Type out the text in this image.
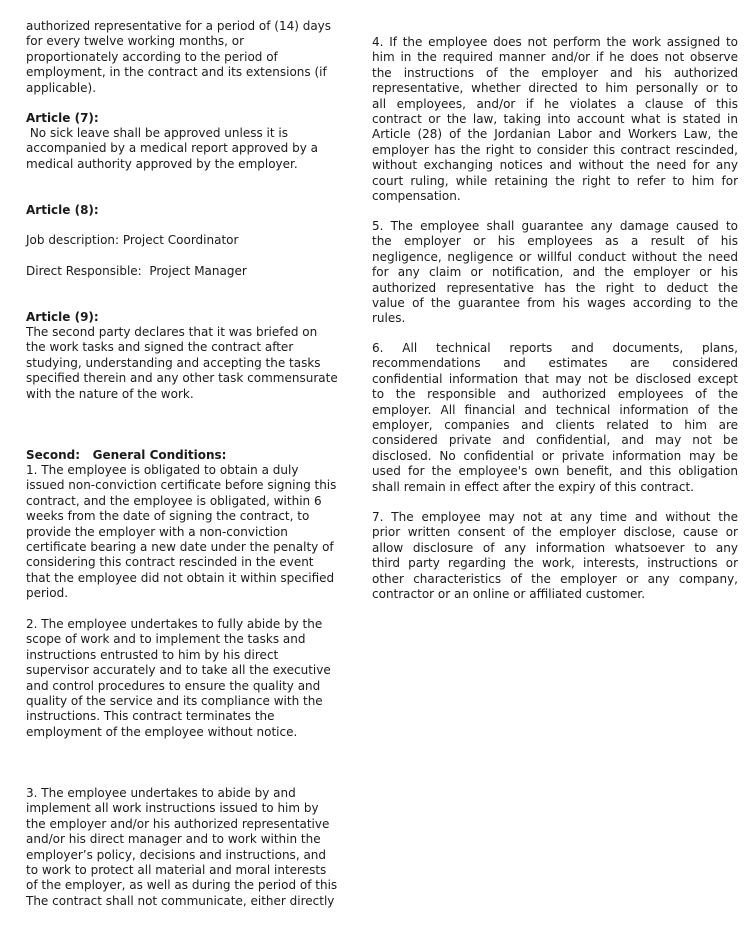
authorized representative for a period of (14) days
for every twelve working months, or
proportionately according to the period of
employment, in the contract and its extensions (if
applicable).
Article (7):
No sick leave shall be approved unless it is
accompanied by a medical report approved by a
medical authority approved by the employer.
Article (8):
Job description: Project Coordinator
Direct Responsible:  Project Manager
Article (9):
The second party declares that it was briefed on
the work tasks and signed the contract after
studying, understanding and accepting the tasks
specified therein and any other task commensurate
with the nature of the work.
Second:   General Conditions:
1. The employee is obligated to obtain a duly
issued non-conviction certificate before signing this
contract, and the employee is obligated, within 6
weeks from the date of signing the contract, to
provide the employer with a non-conviction
certificate bearing a new date under the penalty of
considering this contract rescinded in the event
that the employee did not obtain it within specified
period.
2. The employee undertakes to fully abide by the
scope of work and to implement the tasks and
instructions entrusted to him by his direct
supervisor accurately and to take all the executive
and control procedures to ensure the quality and
quality of the service and its compliance with the
instructions. This contract terminates the
employment of the employee without notice.
3. The employee undertakes to abide by and
implement all work instructions issued to him by
the employer and/or his authorized representative
and/or his direct manager and to work within the
employer’s policy, decisions and instructions, and
to work to protect all material and moral interests
of the employer, as well as during the period of this
The contract shall not communicate, either directly
4. If the employee does not perform the work assigned to
him in the required manner and/or if he does not observe
the instructions of the employer and his authorized
representative, whether directed to him personally or to
all employees, and/or if he violates a clause of this
contract or the law, taking into account what is stated in
Article (28) of the Jordanian Labor and Workers Law, the
employer has the right to consider this contract rescinded,
without exchanging notices and without the need for any
court ruling, while retaining the right to refer to him for
compensation.
5. The employee shall guarantee any damage caused to
the employer or his employees as a result of his
negligence, negligence or willful conduct without the need
for any claim or notification, and the employer or his
authorized representative has the right to deduct the
value of the guarantee from his wages according to the
rules.
6. All technical reports and documents, plans,
recommendations and estimates are considered
confidential information that may not be disclosed except
to the responsible and authorized employees of the
employer. All financial and technical information of the
employer, companies and clients related to him are
considered private and confidential, and may not be
disclosed. No confidential or private information may be
used for the employee's own benefit, and this obligation
shall remain in effect after the expiry of this contract.
7. The employee may not at any time and without the
prior written consent of the employer disclose, cause or
allow disclosure of any information whatsoever to any
third party regarding the work, interests, instructions or
other characteristics of the employer or any company,
contractor or an online or affiliated customer.
